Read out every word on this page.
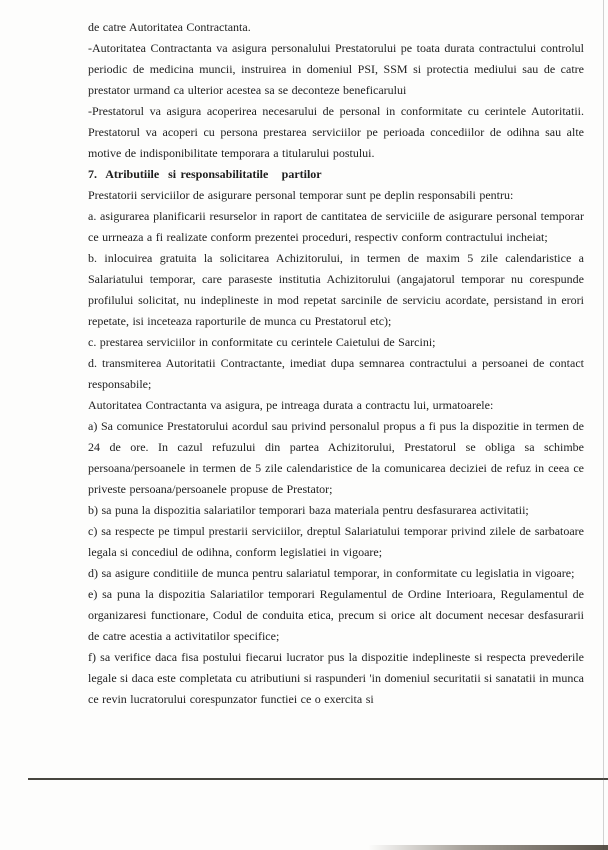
de catre Autoritatea Contractanta.

-Autoritatea Contractanta va asigura personalului Prestatorului pe toata durata contractului controlul periodic de medicina muncii, instruirea in domeniul PSI, SSM si protectia mediului sau de catre prestator urmand ca ulterior acestea sa se deconteze beneficarului

-Prestatorul va asigura acoperirea necesarului de personal in conformitate cu cerintele Autoritatii. Prestatorul va acoperi cu persona prestarea serviciilor pe perioada concediilor de odihna sau alte motive de indisponibilitate temporara a titularului postului.

7.  Atributiile  si responsabilitatile   partilor

Prestatorii serviciilor de asigurare personal temporar sunt pe deplin responsabili pentru:

a. asigurarea planificarii resurselor in raport de cantitatea de serviciile de asigurare personal temporar ce urrneaza a fi realizate conform prezentei proceduri, respectiv conform contractului incheiat;

b. inlocuirea gratuita la solicitarea Achizitorului, in termen de maxim 5 zile calendaristice a Salariatului temporar, care paraseste institutia Achizitorului (angajatorul temporar nu corespunde profilului solicitat, nu indeplineste in mod repetat sarcinile de serviciu acordate, persistand in erori repetate, isi inceteaza raporturile de munca cu Prestatorul etc);

c. prestarea serviciilor in conformitate cu cerintele Caietului de Sarcini;

d. transmiterea Autoritatii Contractante, imediat dupa semnarea contractului a persoanei de contact responsabile;

Autoritatea Contractanta va asigura, pe intreaga durata a contractu lui, urmatoarele:

a) Sa comunice Prestatorului acordul sau privind personalul propus a fi pus la dispozitie in termen de 24 de ore. In cazul refuzului din partea Achizitorului, Prestatorul se obliga sa schimbe persoana/persoanele in termen de 5 zile calendaristice de la comunicarea deciziei de refuz in ceea ce priveste persoana/persoanele propuse de Prestator;

b) sa puna la dispozitia salariatilor temporari baza materiala pentru desfasurarea activitatii;

c) sa respecte pe timpul prestarii serviciilor, dreptul Salariatului temporar privind zilele de sarbatoare legala si concediul de odihna, conform legislatiei in vigoare;

d) sa asigure conditiile de munca pentru salariatul temporar, in conformitate cu legislatia in vigoare;

e) sa puna la dispozitia Salariatilor temporari Regulamentul de Ordine Interioara, Regulamentul de organizaresi functionare, Codul de conduita etica, precum si orice alt document necesar desfasurarii de catre acestia a activitatilor specifice;

f) sa verifice daca fisa postului fiecarui lucrator pus la dispozitie indeplineste si respecta prevederile legale si daca este completata cu atributiuni si raspunderi 'in domeniul securitatii si sanatatii in munca ce revin lucratorului corespunzator functiei ce o exercita si
